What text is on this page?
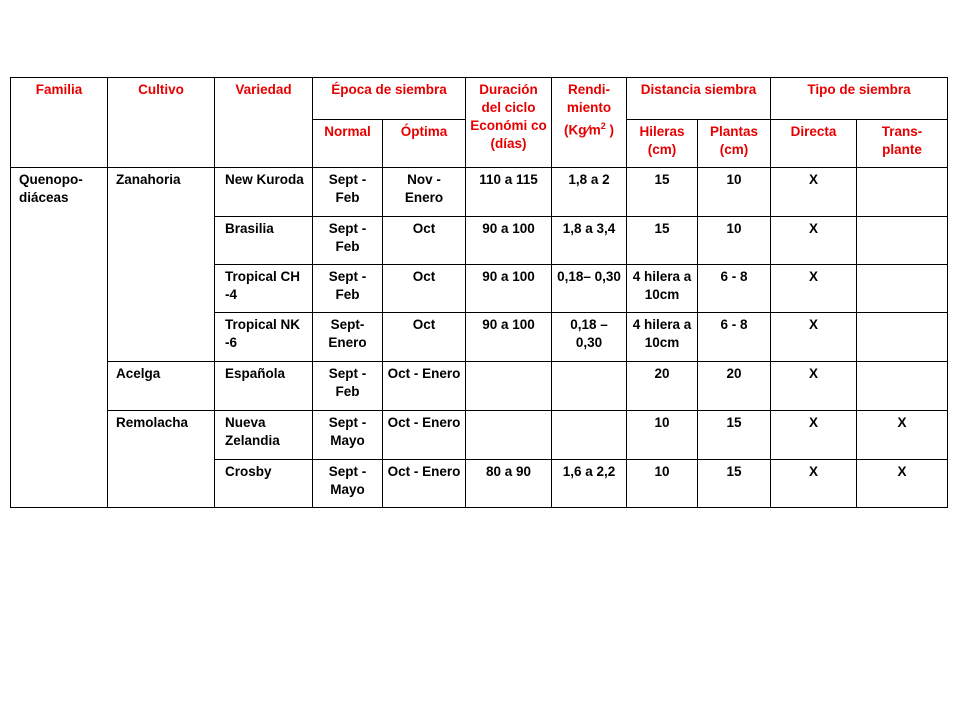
Familia	Cultivo	Variedad	Época de siembra		Duración del ciclo Económi co (días)	Rendi-miento ($Kg⁄m^2$ )	Distancia siembra		Tipo de siembra	
			Normal	Óptima			Hileras (cm)	Plantas (cm)	Directa	Trans- plante
Quenopo- diáceas	Zanahoria	New Kuroda	Sept - Feb	Nov - Enero	110 a 115	1,8 a 2	15	10	X	
		Brasilia	Sept - Feb	Oct	90 a 100	1,8 a 3,4	15	10	X	
		Tropical CH -4	Sept - Feb	Oct	90 a 100	0,18– 0,30	4 hilera a 10cm	6 - 8	X	
		Tropical NK -6	Sept- Enero	Oct	90 a 100	0,18 – 0,30	4 hilera a 10cm	6 - 8	X	
	Acelga	Española	Sept - Feb	Oct - Enero			20	20	X	
	Remolacha	Nueva Zelandia	Sept - Mayo	Oct - Enero			10	15	X	X
		Crosby	Sept - Mayo	Oct - Enero	80 a 90	1,6 a 2,2	10	15	X	X
